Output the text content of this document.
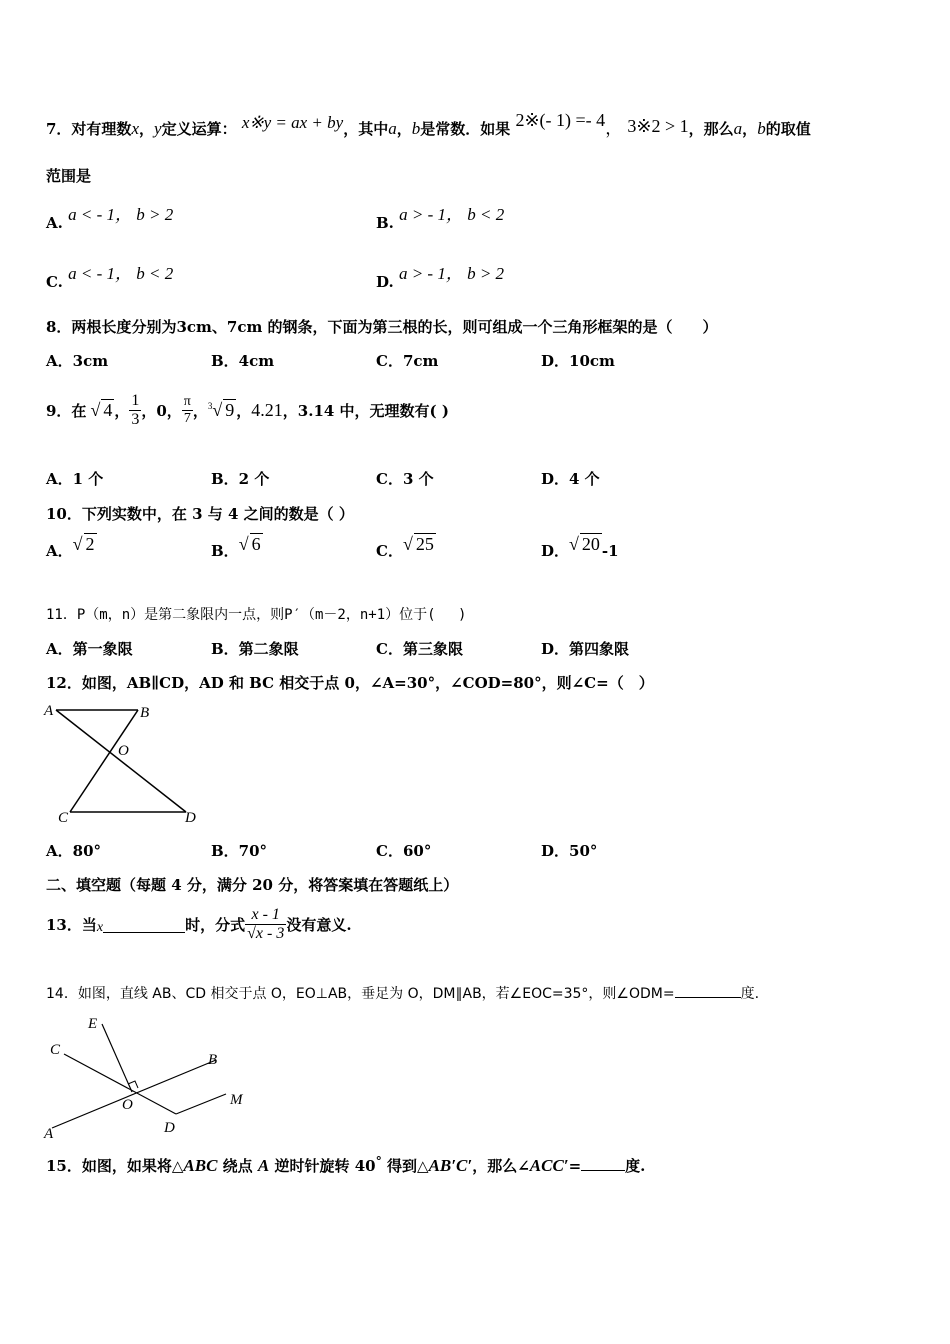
7．对有理数x，y定义运算： x※y = ax + by，其中a，b是常数．如果 2※(- 1) =- 4， 3※2 > 1，那么a，b的取值
范围是
A. a < - 1， b > 2	B. a > - 1， b < 2
C. a < - 1， b < 2	D. a > - 1， b > 2
8．两根长度分别为3cm、7cm 的钢条，下面为第三根的长，则可组成一个三角形框架的是（　　）
A．3cm	B．4cm	C．7cm	D．10cm
9．在 √ 4 ， $\frac{1}{3}$ ，0， $\frac{\pi}{7}$ ， $^3$√ 9 ， 4.21 ，3.14 中，无理数有( )
A．1 个	B．2 个	C．3 个	D．4 个
10．下列实数中，在 3 与 4 之间的数是（ ）
A．√ 2	B．√ 6	C．√ 25	D．√ 20 -1
11．P（m，n）是第二象限内一点，则P′（m－2，n+1）位于(　 )
A．第一象限	B．第二象限	C．第三象限	D．第四象限
12．如图，AB∥CD，AD 和 BC 相交于点 0，∠A=30°，∠COD=80°，则∠C=（　）
A	B
O
C	D
A．80°	B．70°	C．60°	D．50°
二、填空题（每题 4 分，满分 20 分，将答案填在答题纸上）
13．当 x	时，分式 $\frac{x - 1}{√x - 3}$ 没有意义.
14．如图，直线 AB、CD 相交于点 O，EO⊥AB，垂足为 O，DM∥AB，若∠EOC=35°，则∠ODM=	度.
E
C
B
O	M
A	D
15．如图，如果将△ABC 绕点 A 逆时针旋转 40° 得到△AB′C′，那么∠ACC′=	度.
